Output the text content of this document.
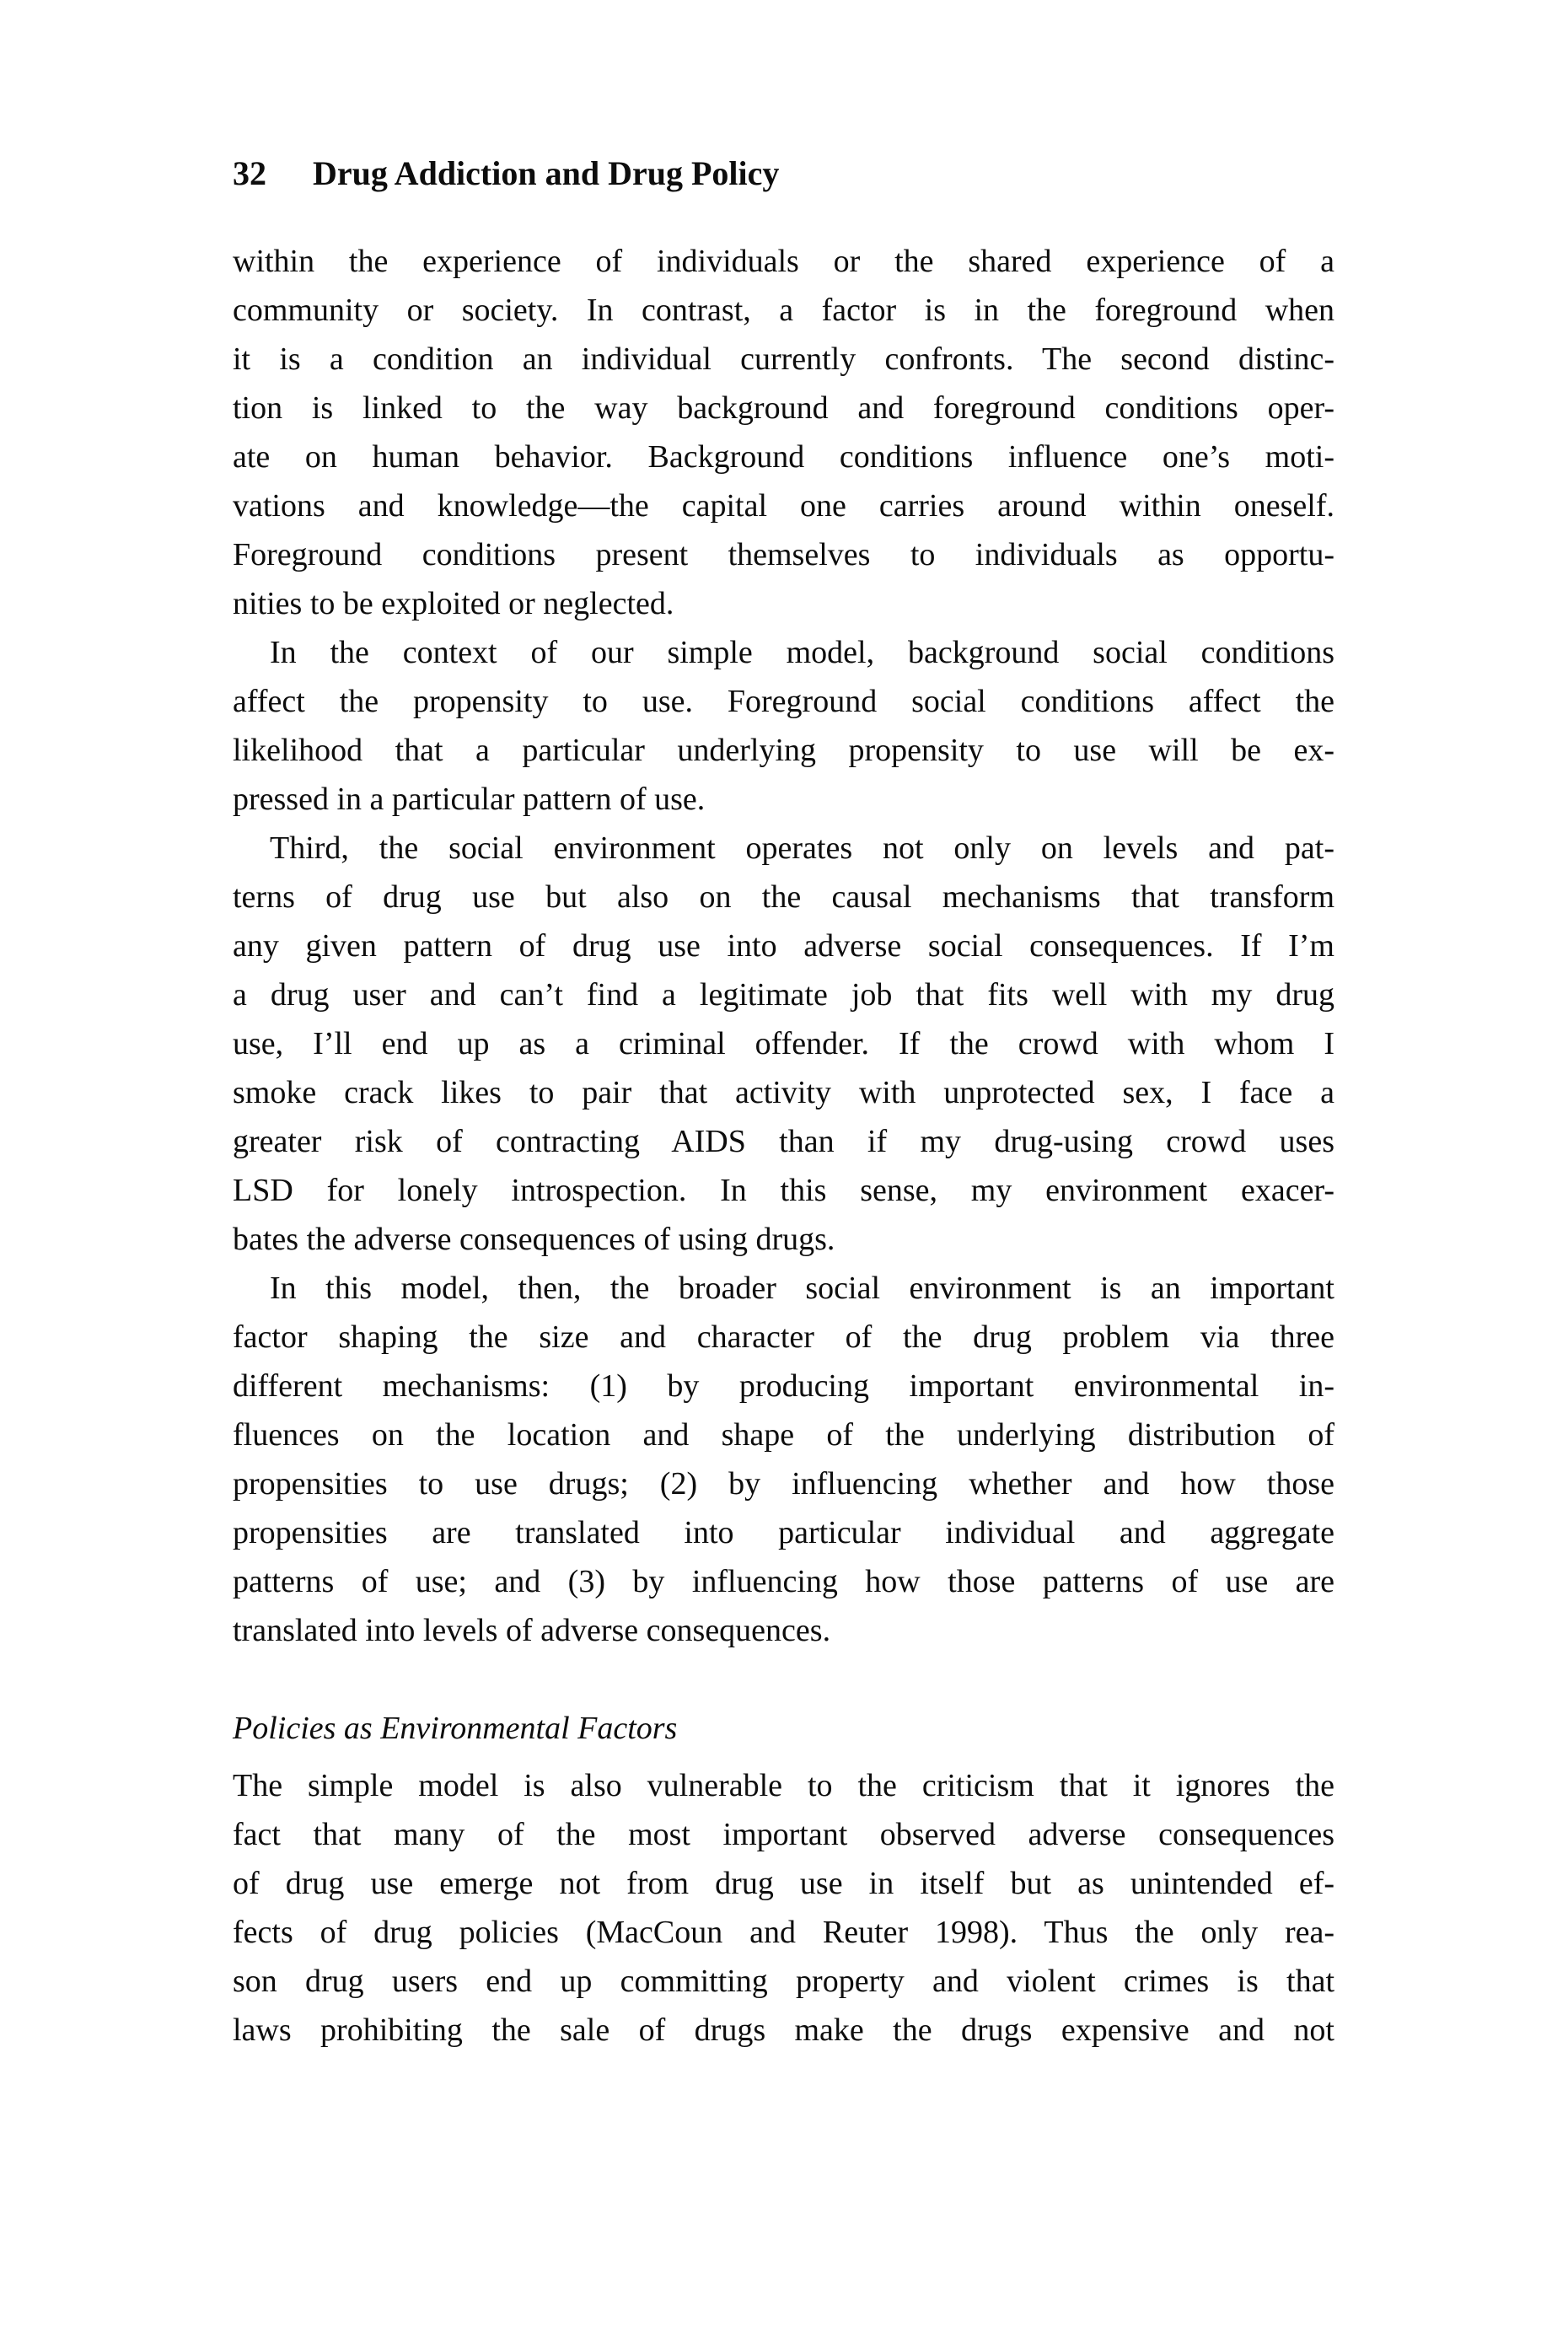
32 Drug Addiction and Drug Policy
within the experience of individuals or the shared experience of a
community or society. In contrast, a factor is in the foreground when
it is a condition an individual currently confronts. The second distinc-
tion is linked to the way background and foreground conditions oper-
ate on human behavior. Background conditions influence one’s moti-
vations and knowledge—the capital one carries around within oneself.
Foreground conditions present themselves to individuals as opportu-
nities to be exploited or neglected.
In the context of our simple model, background social conditions
affect the propensity to use. Foreground social conditions affect the
likelihood that a particular underlying propensity to use will be ex-
pressed in a particular pattern of use.
Third, the social environment operates not only on levels and pat-
terns of drug use but also on the causal mechanisms that transform
any given pattern of drug use into adverse social consequences. If I’m
a drug user and can’t find a legitimate job that fits well with my drug
use, I’ll end up as a criminal offender. If the crowd with whom I
smoke crack likes to pair that activity with unprotected sex, I face a
greater risk of contracting AIDS than if my drug-using crowd uses
LSD for lonely introspection. In this sense, my environment exacer-
bates the adverse consequences of using drugs.
In this model, then, the broader social environment is an important
factor shaping the size and character of the drug problem via three
different mechanisms: (1) by producing important environmental in-
fluences on the location and shape of the underlying distribution of
propensities to use drugs; (2) by influencing whether and how those
propensities are translated into particular individual and aggregate
patterns of use; and (3) by influencing how those patterns of use are
translated into levels of adverse consequences.
Policies as Environmental Factors
The simple model is also vulnerable to the criticism that it ignores the
fact that many of the most important observed adverse consequences
of drug use emerge not from drug use in itself but as unintended ef-
fects of drug policies (MacCoun and Reuter 1998). Thus the only rea-
son drug users end up committing property and violent crimes is that
laws prohibiting the sale of drugs make the drugs expensive and not
